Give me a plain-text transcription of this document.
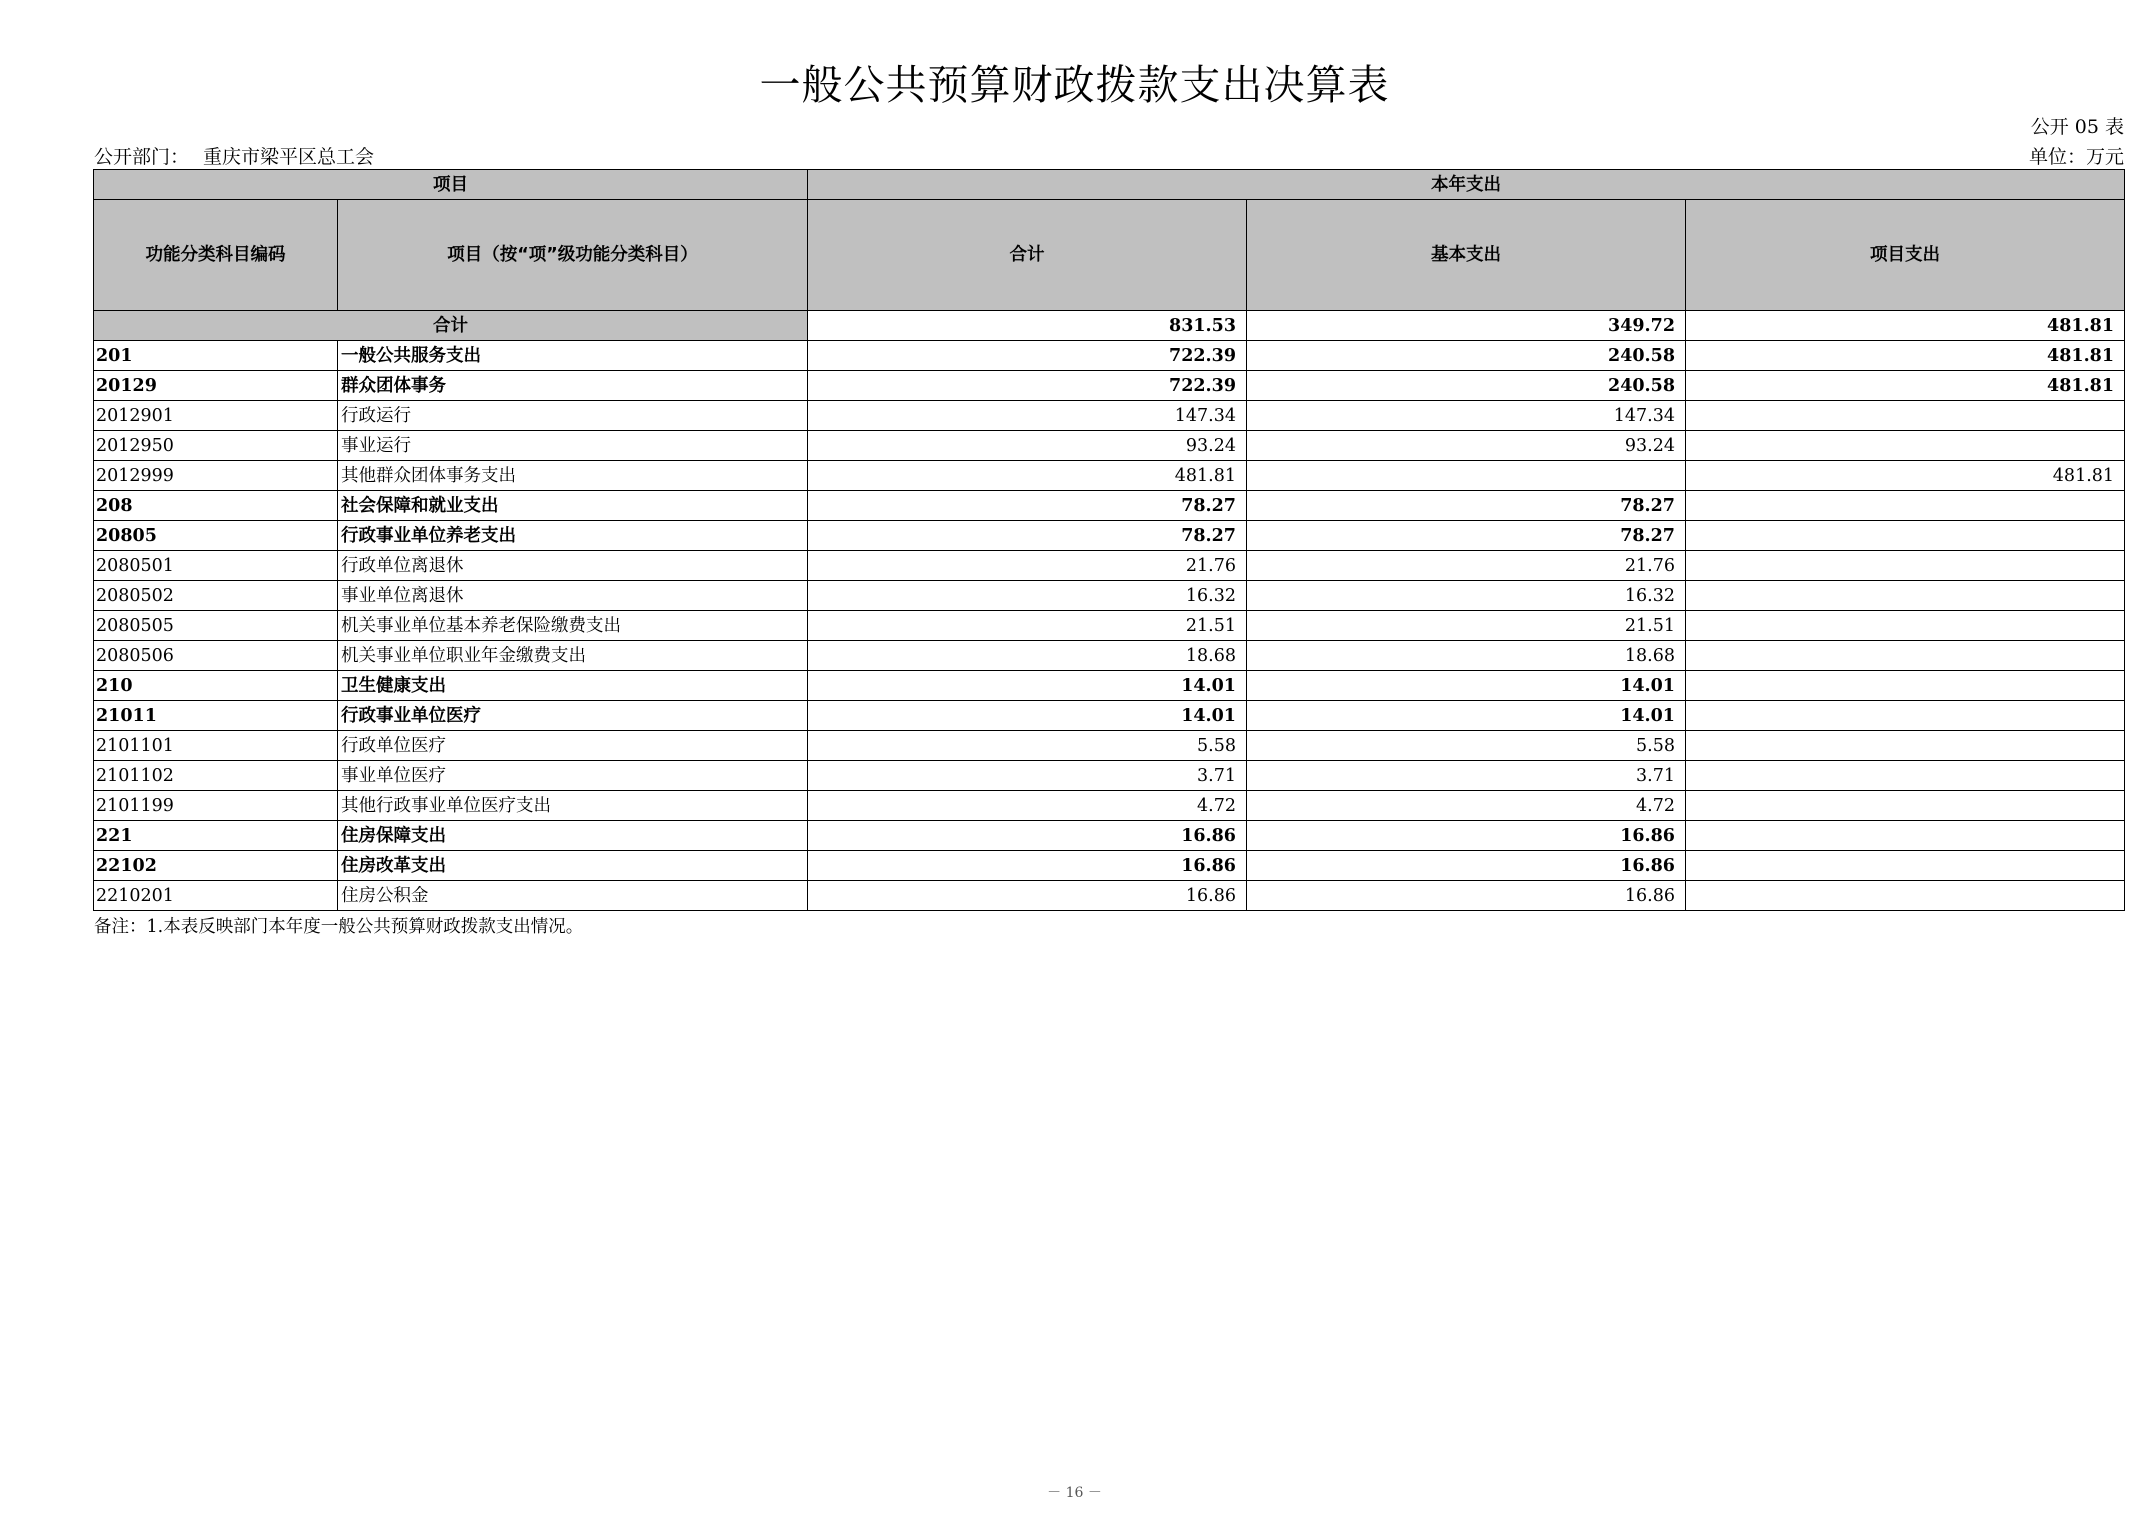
一般公共预算财政拨款支出决算表
公开 05 表
公开部门： 重庆市梁平区总工会	单位：万元
项目		本年支出		
功能分类科目编码	项目（按“项”级功能分类科目）	合计	基本支出	项目支出
合计		831.53	349.72	481.81
201	一般公共服务支出	722.39	240.58	481.81
20129	群众团体事务	722.39	240.58	481.81
2012901	行政运行	147.34	147.34	
2012950	事业运行	93.24	93.24	
2012999	其他群众团体事务支出	481.81		481.81
208	社会保障和就业支出	78.27	78.27	
20805	行政事业单位养老支出	78.27	78.27	
2080501	行政单位离退休	21.76	21.76	
2080502	事业单位离退休	16.32	16.32	
2080505	机关事业单位基本养老保险缴费支出	21.51	21.51	
2080506	机关事业单位职业年金缴费支出	18.68	18.68	
210	卫生健康支出	14.01	14.01	
21011	行政事业单位医疗	14.01	14.01	
2101101	行政单位医疗	5.58	5.58	
2101102	事业单位医疗	3.71	3.71	
2101199	其他行政事业单位医疗支出	4.72	4.72	
221	住房保障支出	16.86	16.86	
22102	住房改革支出	16.86	16.86	
2210201	住房公积金	16.86	16.86	
备注：1.本表反映部门本年度一般公共预算财政拨款支出情况。
－ 16 －
